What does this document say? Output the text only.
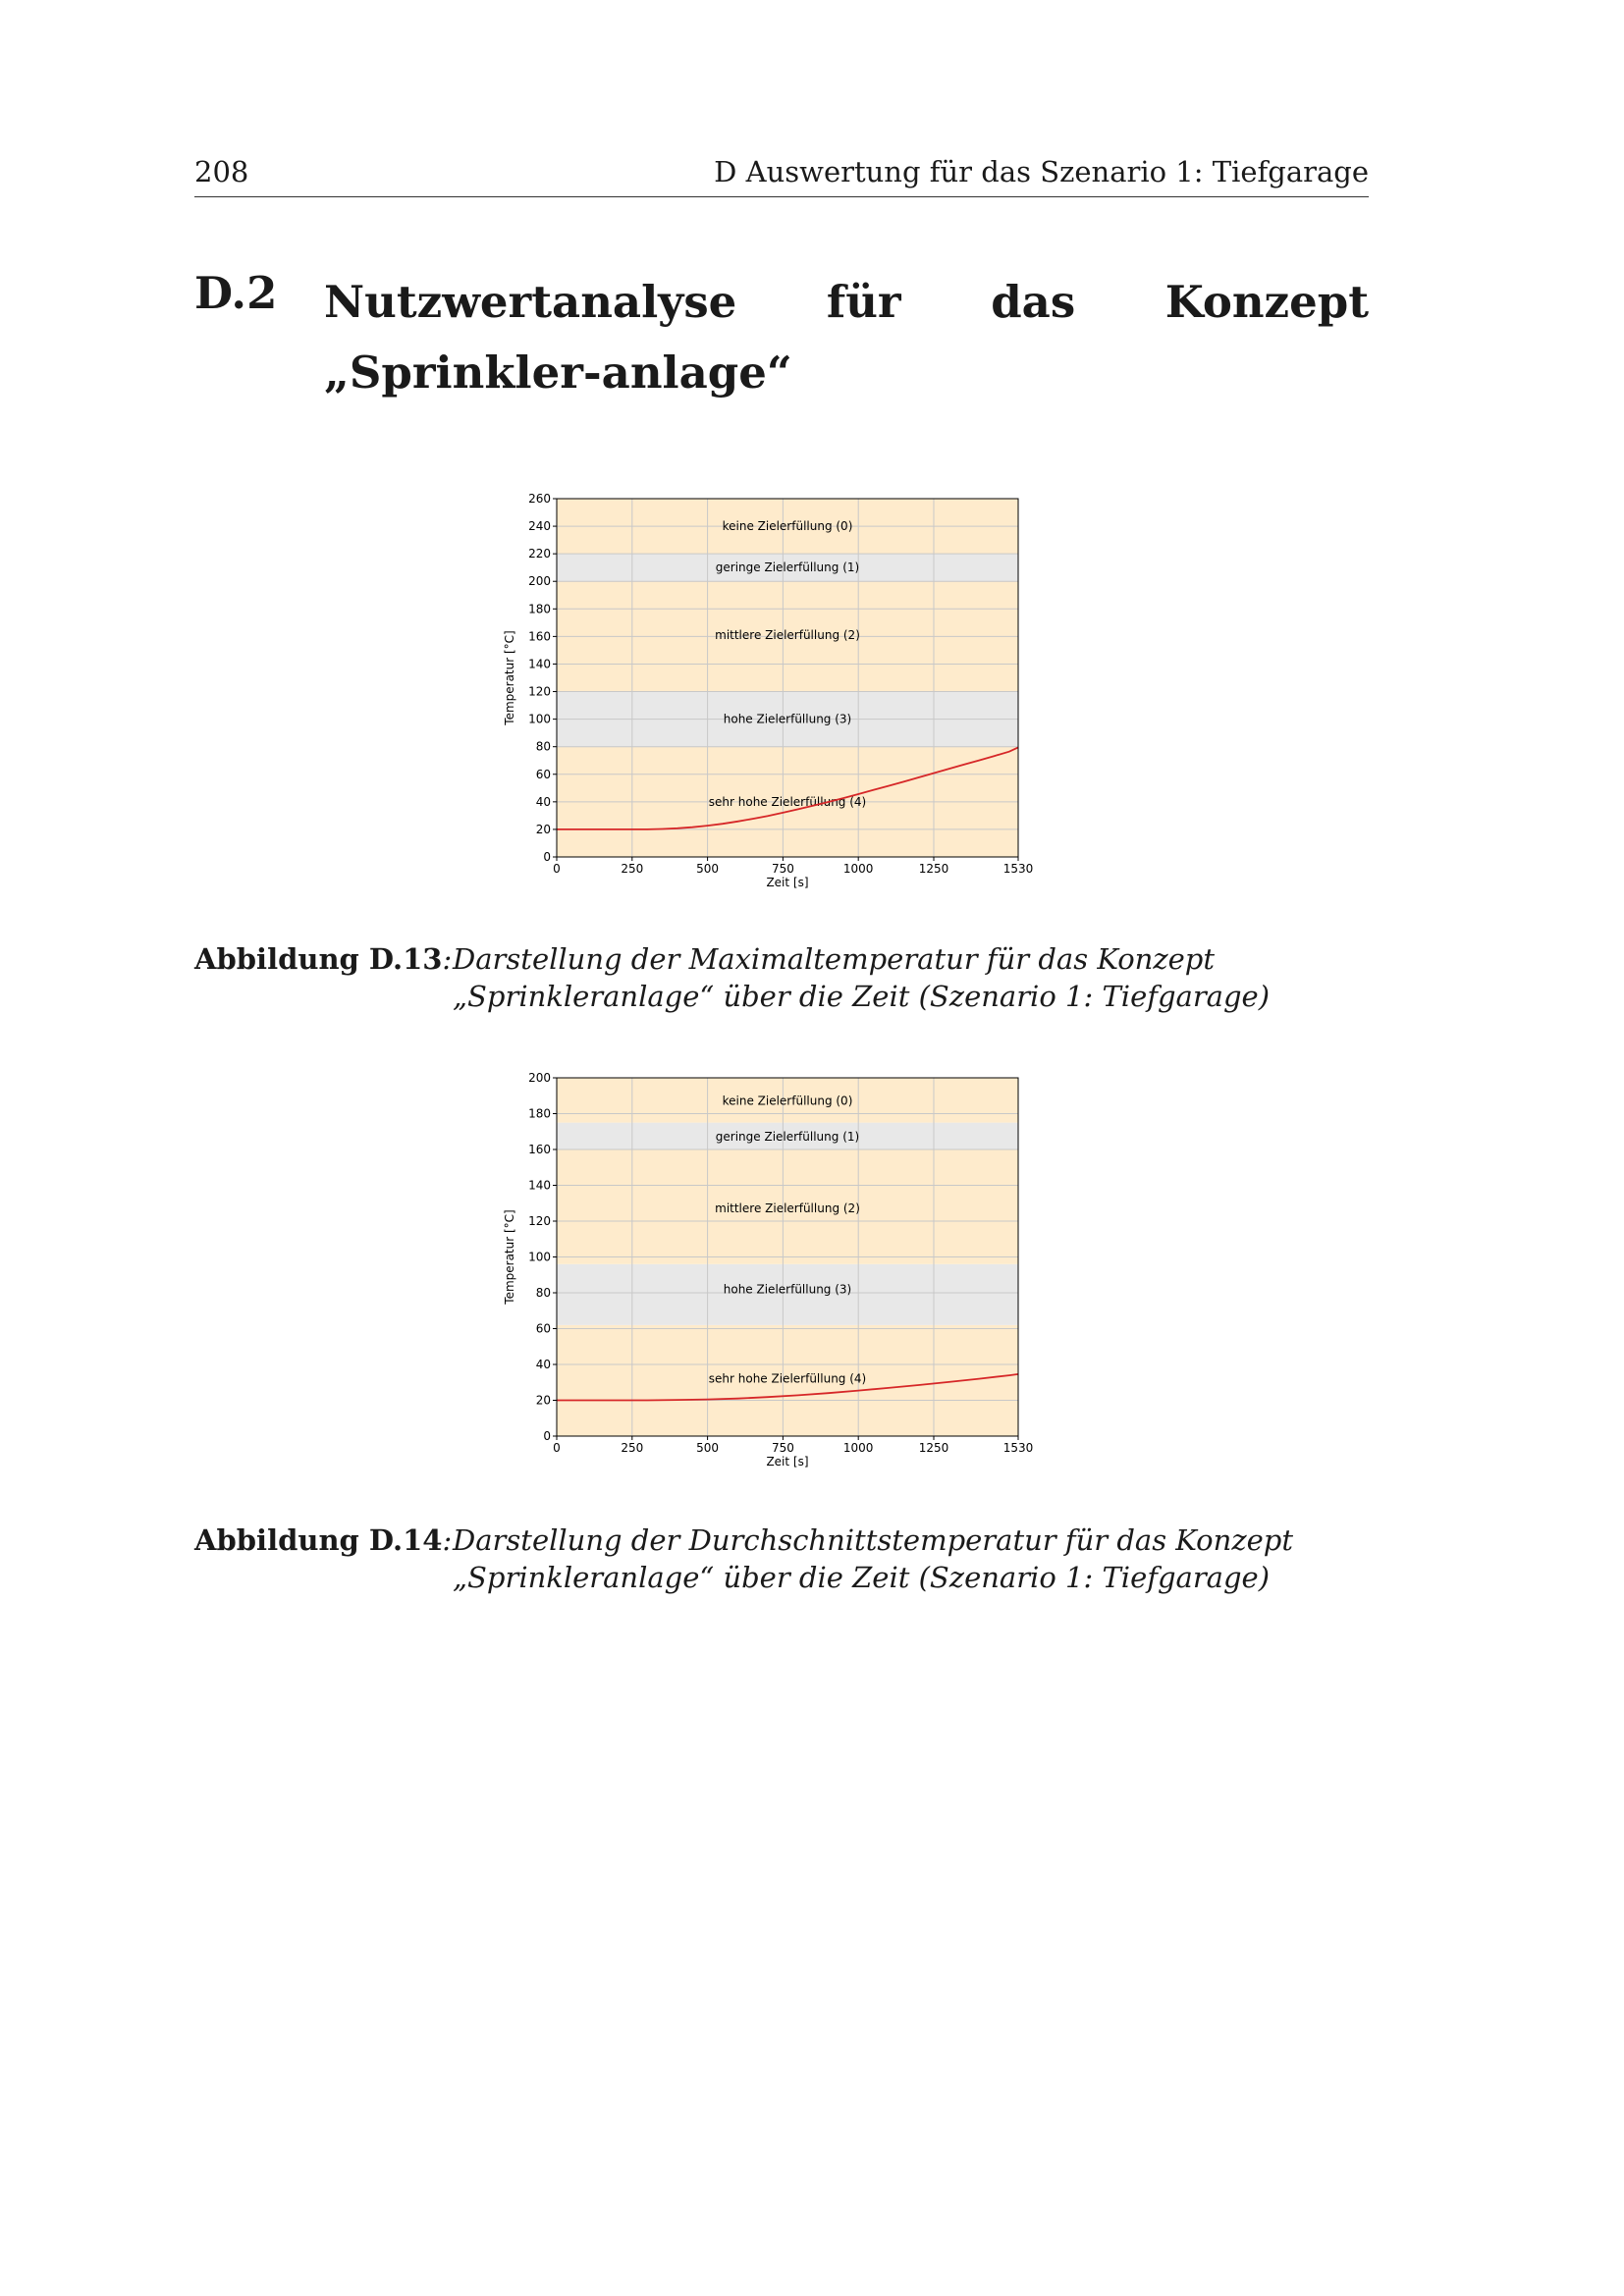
208	D Auswertung für das Szenario 1: Tiefgarage
D.2 Nutzwertanalyse für das Konzept „Sprinkler-anlage“
sehr hohe Zielerfüllung (4)
hohe Zielerfüllung (3)
mittlere Zielerfüllung (2)
geringe Zielerfüllung (1)
keine Zielerfüllung (0)
0
20
40
60
80
100
120
140
160
180
200
220
240
260
0	250	500	750	1000	1250	1530
Zeit [s]
Temperatur [°C]
Abbildung D.13: Darstellung der Maximaltemperatur für das Konzept „Sprinkleranlage“ über die Zeit (Szenario 1: Tiefgarage)
sehr hohe Zielerfüllung (4)
hohe Zielerfüllung (3)
mittlere Zielerfüllung (2)
geringe Zielerfüllung (1)
keine Zielerfüllung (0)
0
20
40
60
80
100
120
140
160
180
200
0	250	500	750	1000	1250	1530
Zeit [s]
Temperatur [°C]
Abbildung D.14: Darstellung der Durchschnittstemperatur für das Konzept „Sprinkleranlage“ über die Zeit (Szenario 1: Tiefgarage)
